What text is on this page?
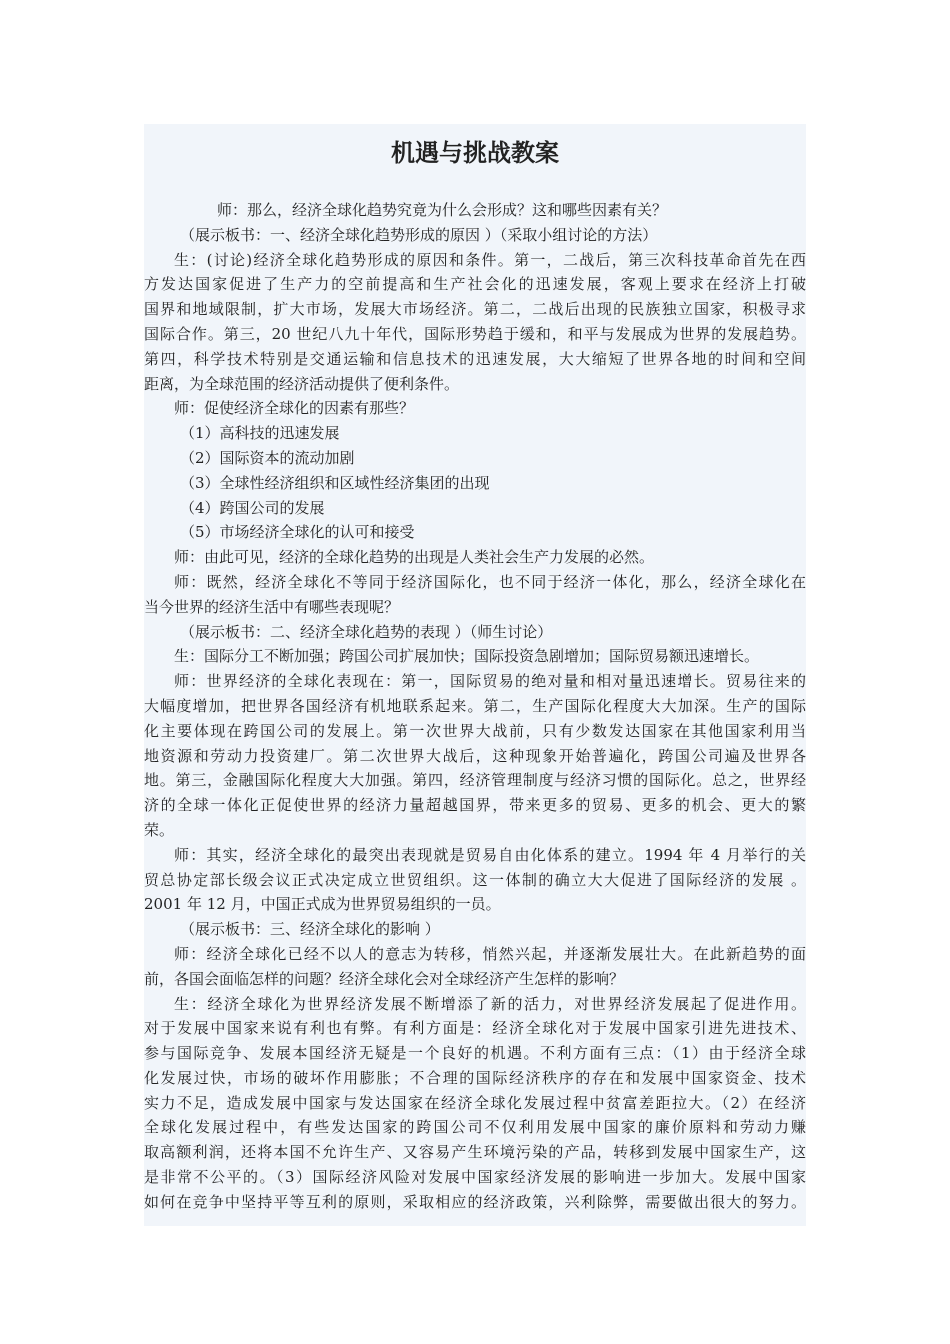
机遇与挑战教案
师：那么，经济全球化趋势究竟为什么会形成？这和哪些因素有关？
（展示板书：一、经济全球化趋势形成的原因 ）（采取小组讨论的方法）
生：(讨论)经济全球化趋势形成的原因和条件。第一，二战后，第三次科技革命首先在西
方发达国家促进了生产力的空前提高和生产社会化的迅速发展，客观上要求在经济上打破
国界和地域限制，扩大市场，发展大市场经济。第二，二战后出现的民族独立国家，积极寻求
国际合作。第三，20 世纪八九十年代，国际形势趋于缓和，和平与发展成为世界的发展趋势。
第四，科学技术特别是交通运输和信息技术的迅速发展，大大缩短了世界各地的时间和空间
距离，为全球范围的经济活动提供了便利条件。
师：促使经济全球化的因素有那些？
（1）高科技的迅速发展
（2）国际资本的流动加剧
（3）全球性经济组织和区域性经济集团的出现
（4）跨国公司的发展
（5）市场经济全球化的认可和接受
师：由此可见，经济的全球化趋势的出现是人类社会生产力发展的必然。
师：既然，经济全球化不等同于经济国际化，也不同于经济一体化，那么，经济全球化在
当今世界的经济生活中有哪些表现呢？
（展示板书：二、经济全球化趋势的表现 ）（师生讨论）
生：国际分工不断加强；跨国公司扩展加快；国际投资急剧增加；国际贸易额迅速增长。
师：世界经济的全球化表现在：第一，国际贸易的绝对量和相对量迅速增长。贸易往来的
大幅度增加，把世界各国经济有机地联系起来。第二，生产国际化程度大大加深。生产的国际
化主要体现在跨国公司的发展上。第一次世界大战前，只有少数发达国家在其他国家利用当
地资源和劳动力投资建厂。第二次世界大战后，这种现象开始普遍化，跨国公司遍及世界各
地。第三，金融国际化程度大大加强。第四，经济管理制度与经济习惯的国际化。总之，世界经
济的全球一体化正促使世界的经济力量超越国界，带来更多的贸易、更多的机会、更大的繁
荣。
师：其实，经济全球化的最突出表现就是贸易自由化体系的建立。1994 年 4 月举行的关
贸总协定部长级会议正式决定成立世贸组织。这一体制的确立大大促进了国际经济的发展 。
2001 年 12 月，中国正式成为世界贸易组织的一员。
（展示板书：三、经济全球化的影响 ）
师：经济全球化已经不以人的意志为转移，悄然兴起，并逐渐发展壮大。在此新趋势的面
前，各国会面临怎样的问题？经济全球化会对全球经济产生怎样的影响？
生：经济全球化为世界经济发展不断增添了新的活力，对世界经济发展起了促进作用。
对于发展中国家来说有利也有弊。有利方面是：经济全球化对于发展中国家引进先进技术、
参与国际竞争、发展本国经济无疑是一个良好的机遇。不利方面有三点：（1）由于经济全球
化发展过快，市场的破坏作用膨胀；不合理的国际经济秩序的存在和发展中国家资金、技术
实力不足，造成发展中国家与发达国家在经济全球化发展过程中贫富差距拉大。（2）在经济
全球化发展过程中，有些发达国家的跨国公司不仅利用发展中国家的廉价原料和劳动力赚
取高额利润，还将本国不允许生产、又容易产生环境污染的产品，转移到发展中国家生产，这
是非常不公平的。（3）国际经济风险对发展中国家经济发展的影响进一步加大。发展中国家
如何在竞争中坚持平等互利的原则，采取相应的经济政策，兴利除弊，需要做出很大的努力。
